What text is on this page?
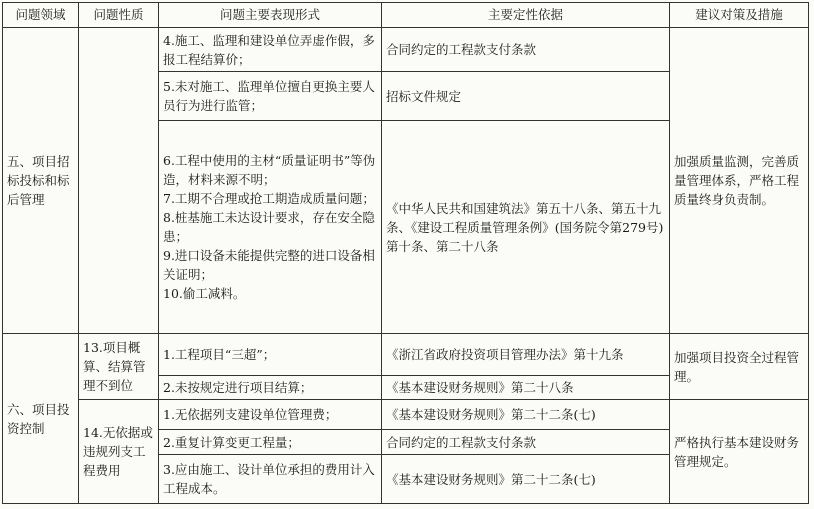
问题领域	问题性质	问题主要表现形式	主要定性依据	建议对策及措施
五、项目招标投标和标后管理		4.施工、监理和建设单位弄虚作假，多报工程结算价；	合同约定的工程款支付条款	加强质量监测，完善质量管理体系，严格工程质量终身负责制。
		5.未对施工、监理单位擅自更换主要人员行为进行监管；	招标文件规定	

		6.工程中使用的主材“质量证明书”等伪造，材料来源不明；
7.工期不合理或抢工期造成质量问题；
8.桩基施工未达设计要求，存在安全隐患；
9.进口设备未能提供完整的进口设备相关证明；
10.偷工减料。	《中华人民共和国建筑法》第五十八条、第五十九条、《建设工程质量管理条例》(国务院令第279号)第十条、第二十八条	
六、项目投资控制	13.项目概算、结算管理不到位	1.工程项目“三超”；	《浙江省政府投资项目管理办法》第十九条	加强项目投资全过程管理。
		2.未按规定进行项目结算；	《基本建设财务规则》第二十八条	
	14.无依据或违规列支工程费用	1.无依据列支建设单位管理费；	《基本建设财务规则》第二十二条(七)	严格执行基本建设财务管理规定。
		2.重复计算变更工程量；	合同约定的工程款支付条款	
		3.应由施工、设计单位承担的费用计入工程成本。	《基本建设财务规则》第二十二条(七)	
